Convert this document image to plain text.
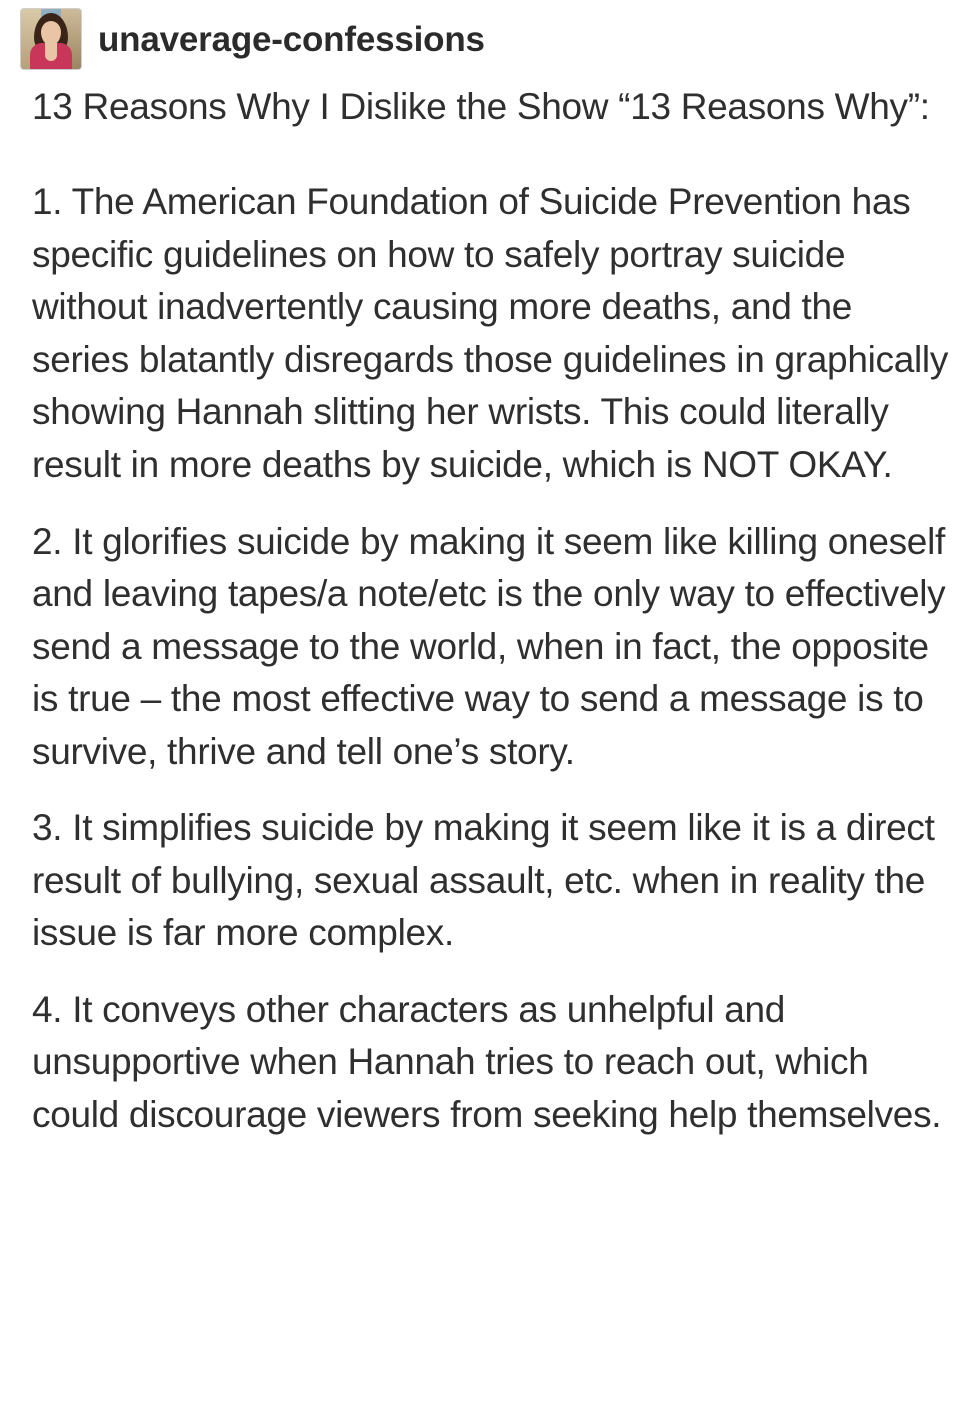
unaverage-confessions
13 Reasons Why I Dislike the Show “13 Reasons Why”:

1. The American Foundation of Suicide Prevention has specific guidelines on how to safely portray suicide without inadvertently causing more deaths, and the series blatantly disregards those guidelines in graphically showing Hannah slitting her wrists. This could literally result in more deaths by suicide, which is NOT OKAY.

2. It glorifies suicide by making it seem like killing oneself and leaving tapes/a note/etc is the only way to effectively send a message to the world, when in fact, the opposite is true – the most effective way to send a message is to survive, thrive and tell one’s story.

3. It simplifies suicide by making it seem like it is a direct result of bullying, sexual assault, etc. when in reality the issue is far more complex.

4. It conveys other characters as unhelpful and unsupportive when Hannah tries to reach out, which could discourage viewers from seeking help themselves.
